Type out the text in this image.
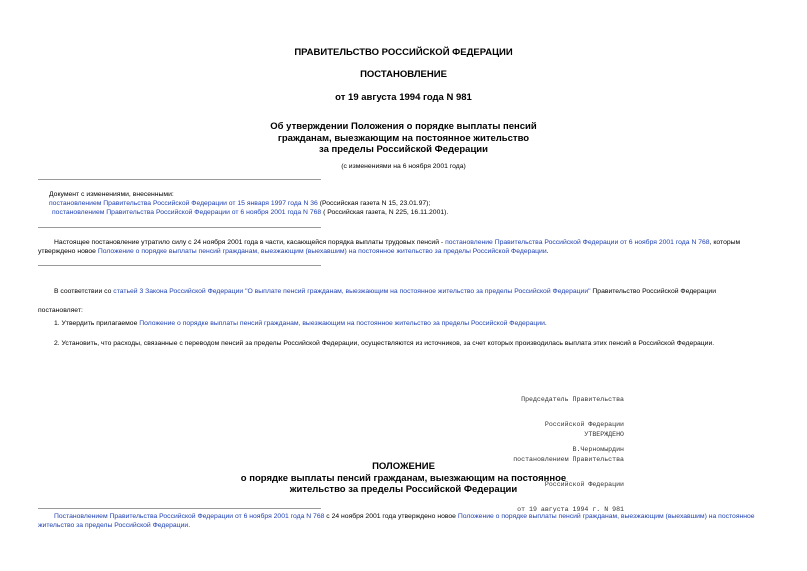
ПРАВИТЕЛЬСТВО РОССИЙСКОЙ ФЕДЕРАЦИИ
ПОСТАНОВЛЕНИЕ
от 19 августа 1994 года N 981
Об утверждении Положения о порядке выплаты пенсий
гражданам, выезжающим на постоянное жительство
за пределы Российской Федерации
(с изменениями на 6 ноября 2001 года)
Документ с изменениями, внесенными:
постановлением Правительства Российской Федерации от 15 января 1997 года N 36 (Российская газета N 15, 23.01.97);
постановлением Правительства Российской Федерации от 6 ноября 2001 года N 768 ( Российская газета, N 225, 16.11.2001).
Настоящее постановление утратило силу с 24 ноября 2001 года в части, касающейся порядка выплаты трудовых пенсий - постановление Правительства Российской Федерации от 6 ноября 2001 года N 768, которым утверждено новое Положение о порядке выплаты пенсий гражданам, выезжающим (выехавшим) на постоянное жительство за пределы Российской Федерации.
В соответствии со статьей 3 Закона Российской Федерации "О выплате пенсий гражданам, выезжающим на постоянное жительство за пределы Российской Федерации" Правительство Российской Федерации
постановляет:
1. Утвердить прилагаемое Положение о порядке выплаты пенсий гражданам, выезжающим на постоянное жительство за пределы Российской Федерации.
2. Установить, что расходы, связанные с переводом пенсий за пределы Российской Федерации, осуществляются из источников, за счет которых производилась выплата этих пенсий в Российской Федерации.

Председатель Правительства

Российской Федерации

В.Черномырдин

УТВЕРЖДЕНО

постановлением Правительства

Российской Федерации

от 19 августа 1994 г. N 981

ПОЛОЖЕНИЕ
о порядке выплаты пенсий гражданам, выезжающим на постоянное
жительство за пределы Российской Федерации
Постановлением Правительства Российской Федерации от 6 ноября 2001 года N 768 с 24 ноября 2001 года утверждено новое Положение о порядке выплаты пенсий гражданам, выезжающим (выехавшим) на постоянное жительство за пределы Российской Федерации.
